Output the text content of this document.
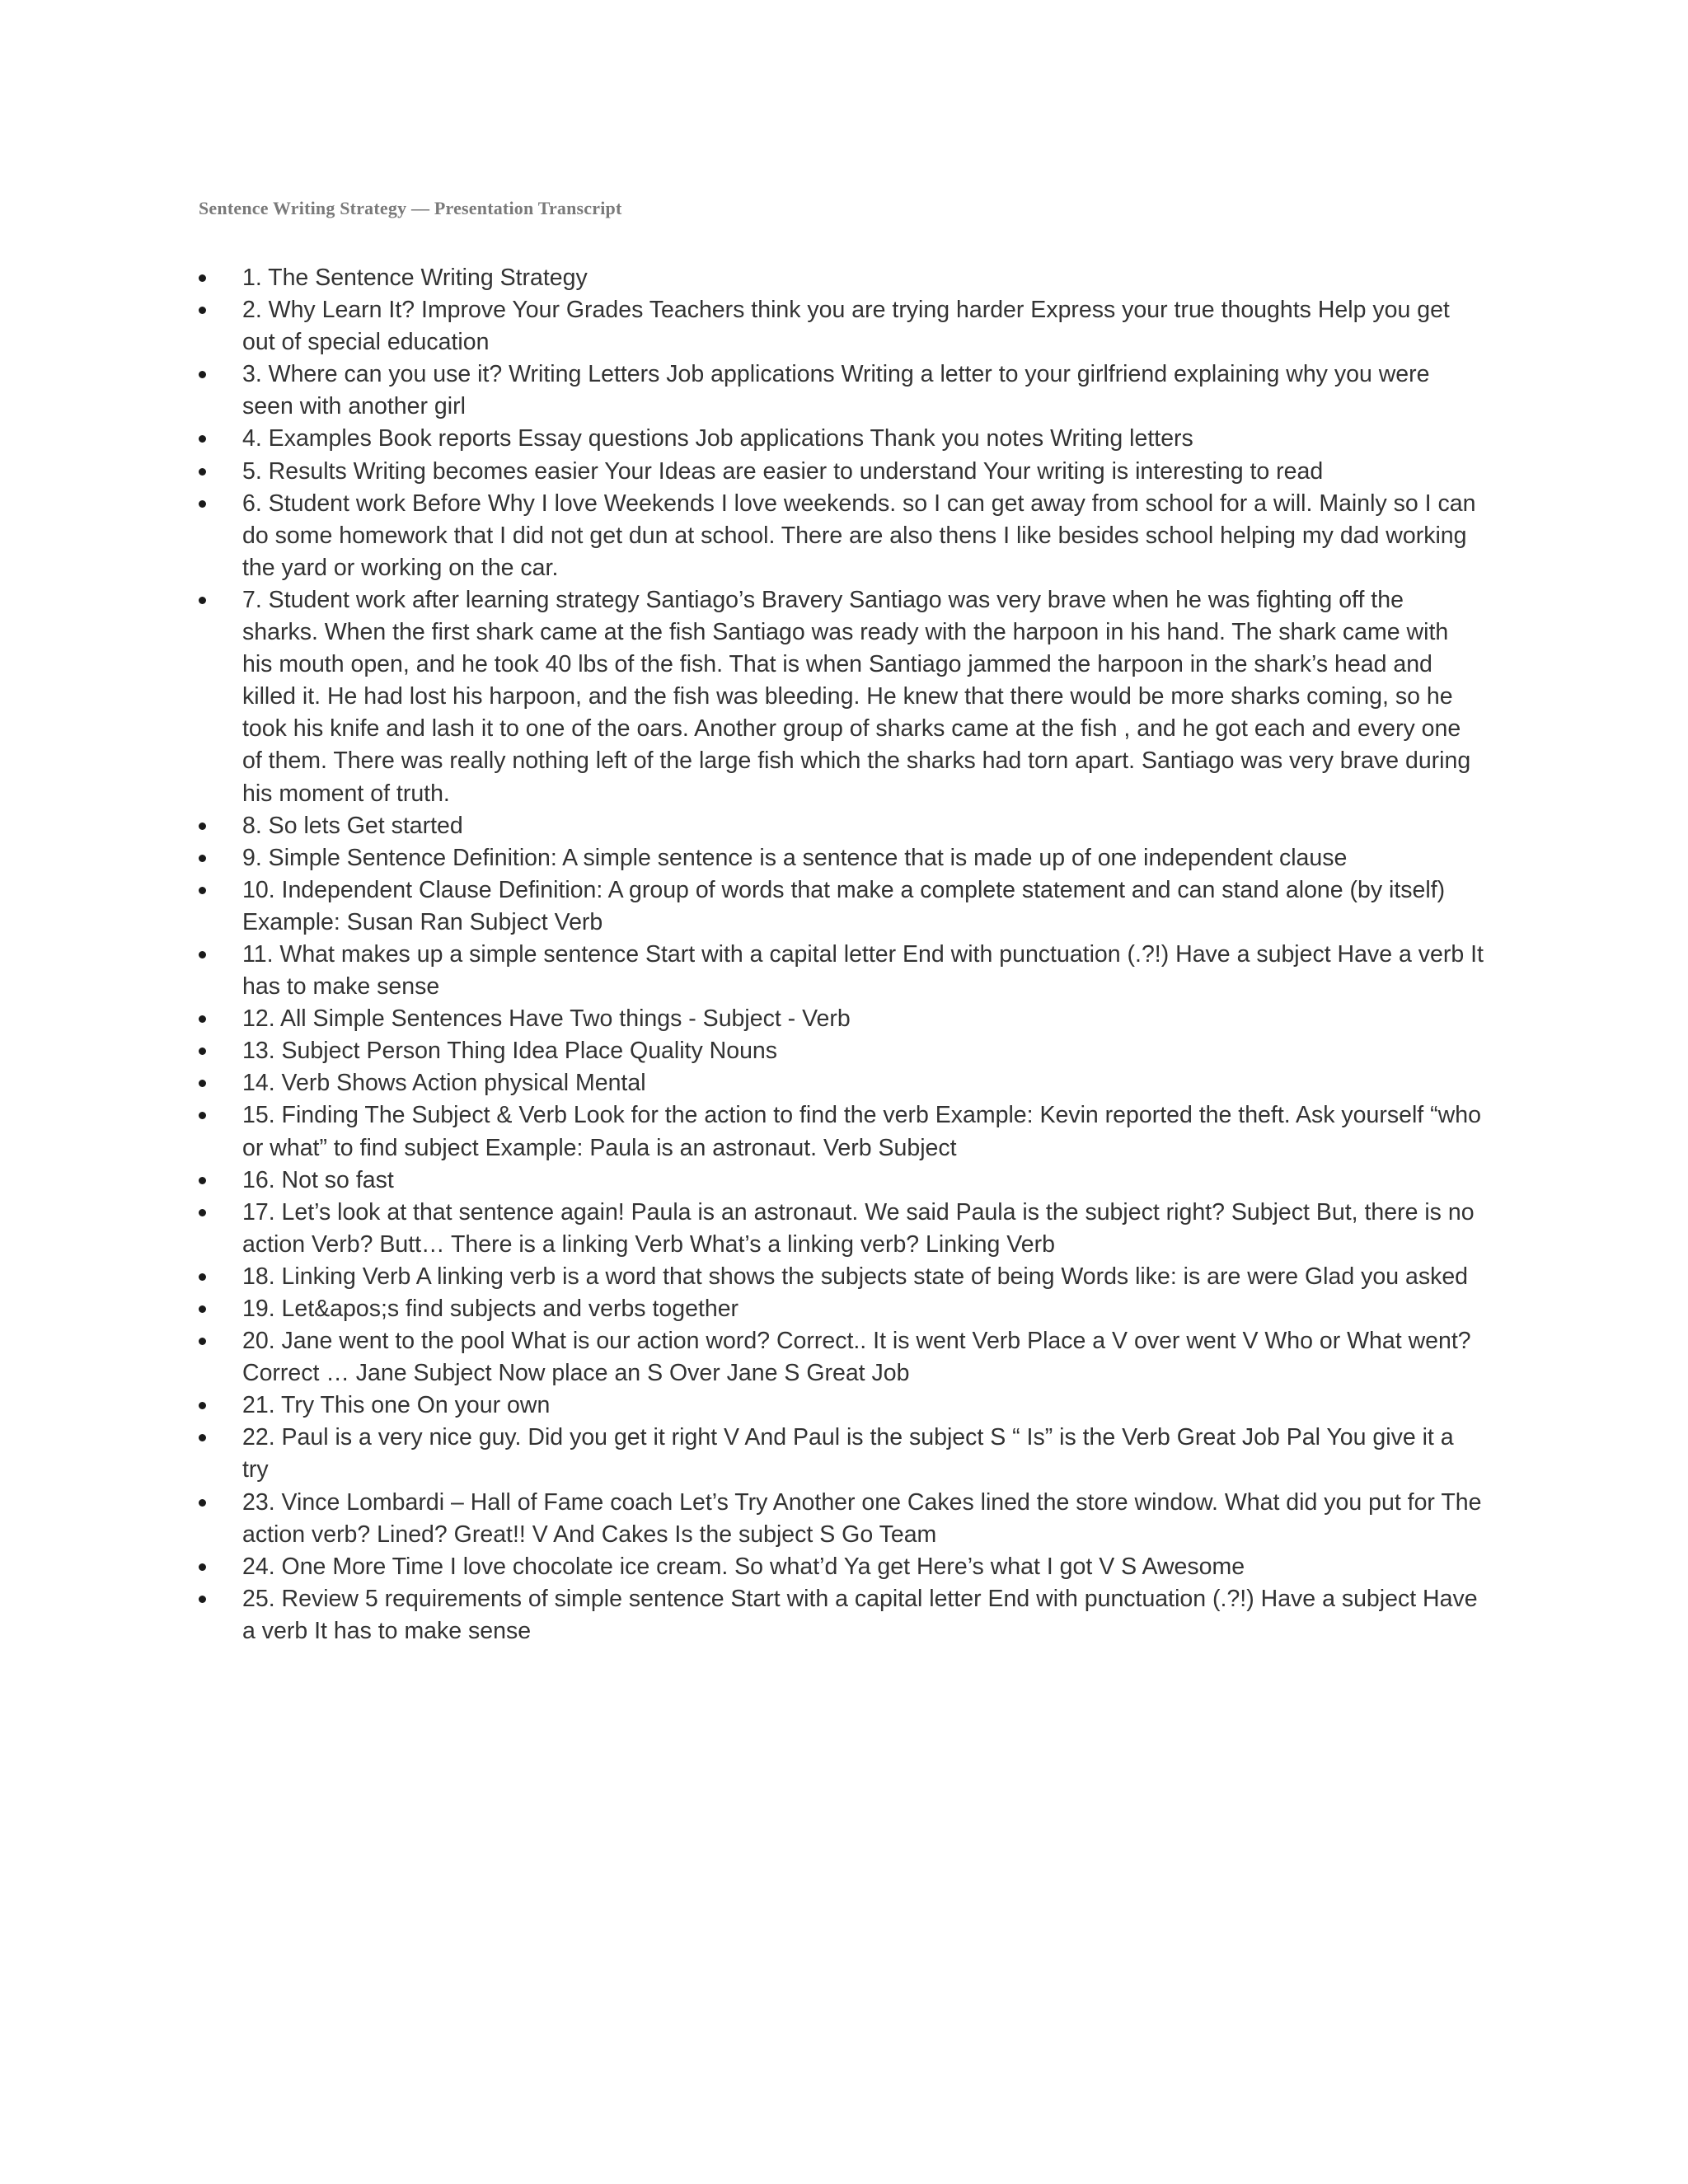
Sentence Writing Strategy — Presentation Transcript
1. The Sentence Writing Strategy
2. Why Learn It? Improve Your Grades Teachers think you are trying harder Express your true thoughts Help you get out of special education
3. Where can you use it? Writing Letters Job applications Writing a letter to your girlfriend explaining why you were seen with another girl
4. Examples Book reports Essay questions Job applications Thank you notes Writing letters
5. Results Writing becomes easier Your Ideas are easier to understand Your writing is interesting to read
6. Student work Before Why I love Weekends I love weekends. so I can get away from school for a will. Mainly so I can do some homework that I did not get dun at school. There are also thens I like besides school helping my dad working the yard or working on the car.
7. Student work after learning strategy Santiago’s Bravery Santiago was very brave when he was fighting off the sharks. When the first shark came at the fish Santiago was ready with the harpoon in his hand. The shark came with his mouth open, and he took 40 lbs of the fish. That is when Santiago jammed the harpoon in the shark’s head and killed it. He had lost his harpoon, and the fish was bleeding. He knew that there would be more sharks coming, so he took his knife and lash it to one of the oars. Another group of sharks came at the fish , and he got each and every one of them. There was really nothing left of the large fish which the sharks had torn apart. Santiago was very brave during his moment of truth.
8. So lets Get started
9. Simple Sentence Definition: A simple sentence is a sentence that is made up of one independent clause
10. Independent Clause Definition: A group of words that make a complete statement and can stand alone (by itself) Example: Susan Ran Subject Verb
11. What makes up a simple sentence Start with a capital letter End with punctuation (.?!) Have a subject Have a verb It has to make sense
12. All Simple Sentences Have Two things - Subject - Verb
13. Subject Person Thing Idea Place Quality Nouns
14. Verb Shows Action physical Mental
15. Finding The Subject & Verb Look for the action to find the verb Example: Kevin reported the theft. Ask yourself “who or what” to find subject Example: Paula is an astronaut. Verb Subject
16. Not so fast
17. Let’s look at that sentence again! Paula is an astronaut. We said Paula is the subject right? Subject But, there is no action Verb? Butt… There is a linking Verb What’s a linking verb? Linking Verb
18. Linking Verb A linking verb is a word that shows the subjects state of being Words like: is are were Glad you asked
19. Let&apos;s find subjects and verbs together
20. Jane went to the pool What is our action word? Correct.. It is went Verb Place a V over went V Who or What went? Correct … Jane Subject Now place an S Over Jane S Great Job
21. Try This one On your own
22. Paul is a very nice guy. Did you get it right V And Paul is the subject S “ Is” is the Verb Great Job Pal You give it a try
23. Vince Lombardi – Hall of Fame coach Let’s Try Another one Cakes lined the store window. What did you put for The action verb? Lined? Great!! V And Cakes Is the subject S Go Team
24. One More Time I love chocolate ice cream. So what’d Ya get Here’s what I got V S Awesome
25. Review 5 requirements of simple sentence Start with a capital letter End with punctuation (.?!) Have a subject Have a verb It has to make sense
